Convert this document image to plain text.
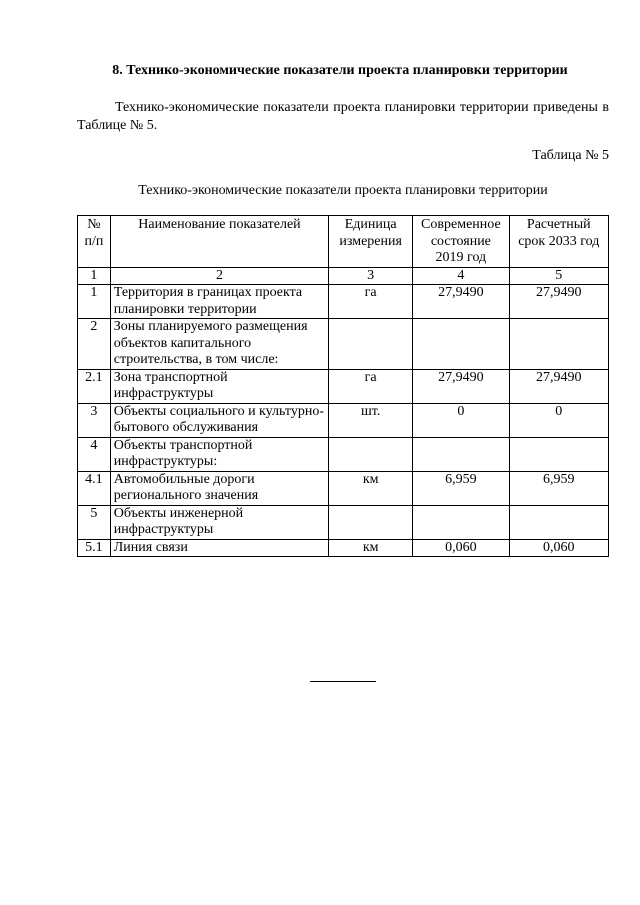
8. Технико-экономические показатели проекта планировки территории
Технико-экономические показатели проекта планировки территории приведены в Таблице № 5.
Таблица № 5
Технико-экономические показатели проекта планировки территории
№ п/п	Наименование показателей	Единица измерения	Современное состояние 2019 год	Расчетный срок 2033 год
1	2	3	4	5
1	Территория в границах проекта планировки территории	га	27,9490	27,9490
2	Зоны планируемого размещения объектов капитального строительства, в том числе:			
2.1	Зона транспортной инфраструктуры	га	27,9490	27,9490
3	Объекты социального и культурно-бытового обслуживания	шт.	0	0
4	Объекты транспортной инфраструктуры:			
4.1	Автомобильные дороги регионального значения	км	6,959	6,959
5	Объекты инженерной инфраструктуры			
5.1	Линия связи	км	0,060	0,060
